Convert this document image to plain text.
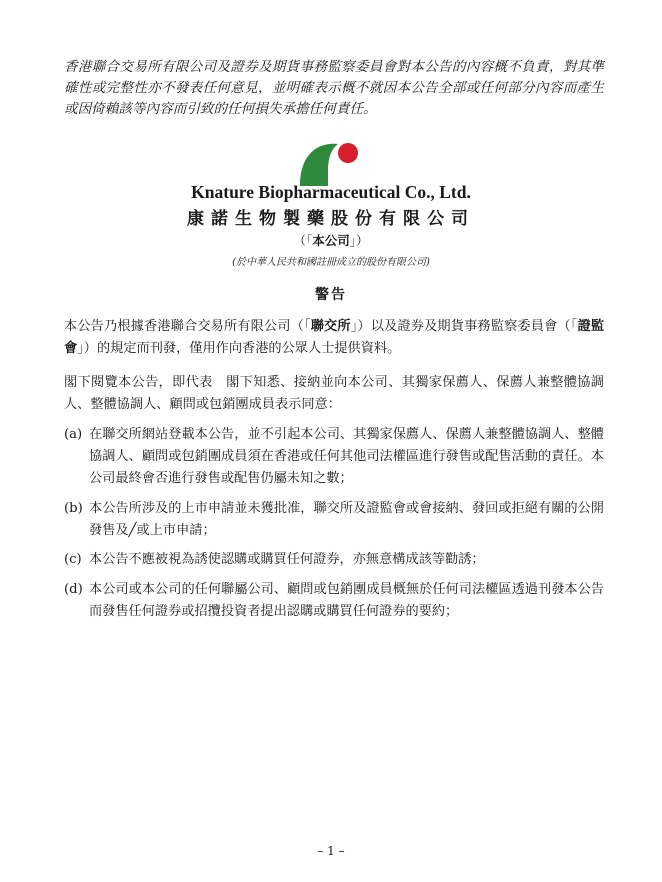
香港聯合交易所有限公司及證券及期貨事務監察委員會對本公告的內容概不負責，對其準確性或完整性亦不發表任何意見，並明確表示概不就因本公告全部或任何部分內容而產生或因倚賴該等內容而引致的任何損失承擔任何責任。
Knature Biopharmaceutical Co., Ltd.
康諾生物製藥股份有限公司
（「本公司」）
(於中華人民共和國註冊成立的股份有限公司)
警告
本公告乃根據香港聯合交易所有限公司（「聯交所」）以及證券及期貨事務監察委員會（「證監會」）的規定而刊發，僅用作向香港的公眾人士提供資料。
閣下閱覽本公告，即代表　閣下知悉、接納並向本公司、其獨家保薦人、保薦人兼整體協調人、整體協調人、顧問或包銷團成員表示同意：
(a) 在聯交所網站登載本公告，並不引起本公司、其獨家保薦人、保薦人兼整體協調人、整體協調人、顧問或包銷團成員須在香港或任何其他司法權區進行發售或配售活動的責任。本公司最終會否進行發售或配售仍屬未知之數；
(b) 本公告所涉及的上市申請並未獲批准，聯交所及證監會或會接納、發回或拒絕有關的公開發售及╱或上市申請；
(c) 本公告不應被視為誘使認購或購買任何證券，亦無意構成該等勸誘；
(d) 本公司或本公司的任何聯屬公司、顧問或包銷團成員概無於任何司法權區透過刊發本公告而發售任何證券或招攬投資者提出認購或購買任何證券的要約；
– 1 –
